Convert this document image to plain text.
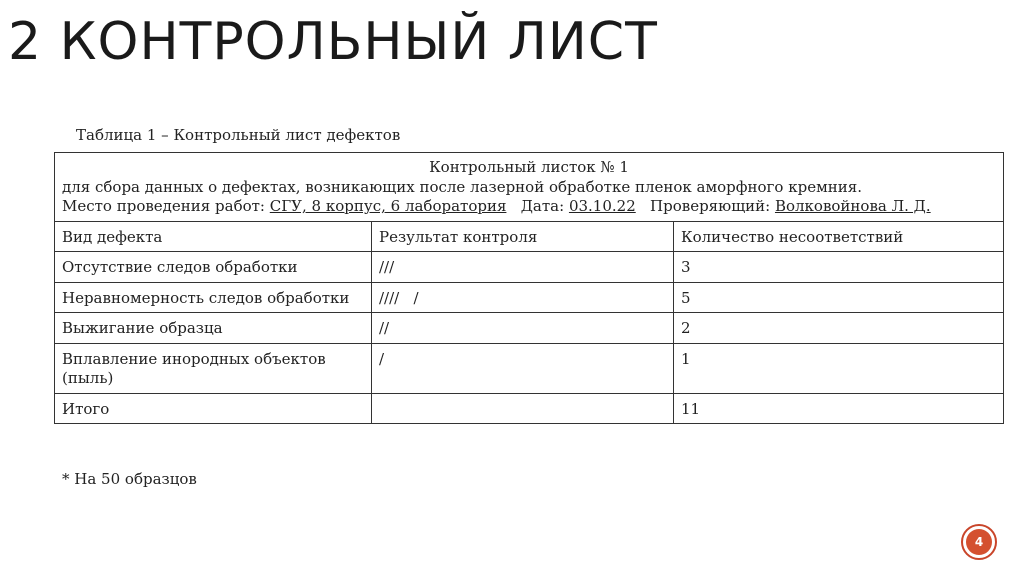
2 КОНТРОЛЬНЫЙ ЛИСТ
Таблица 1 – Контрольный лист дефектов
Контрольный листок № 1
для сбора данных о дефектах, возникающих после лазерной обработке пленок аморфного кремния.
Место проведения работ: СГУ, 8 корпус, 6 лаборатория Дата: 03.10.22 Проверяющий: Волковойнова Л. Д.		

Вид дефекта	Результат контроля	Количество несоответствий
Отсутствие следов обработки	///	3
Неравномерность следов обработки	////   /	5
Выжигание образца	//	2
Вплавление инородных объектов (пыль)	/	1
Итого		11
* На 50 образцов
4
